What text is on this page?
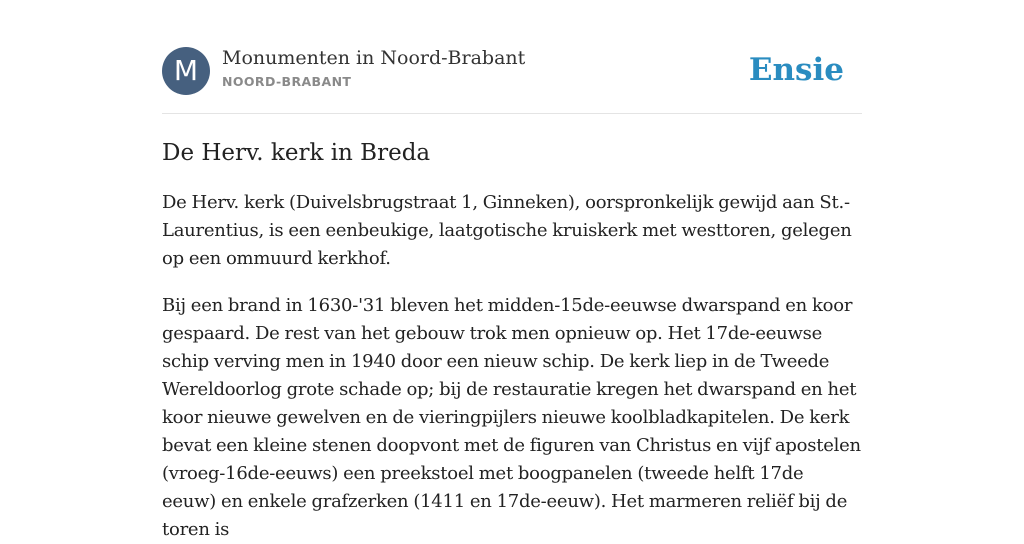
M	Monumenten in Noord-Brabant
NOORD-BRABANT	Ensie
De Herv. kerk in Breda

De Herv. kerk (Duivelsbrugstraat 1, Ginneken), oorspronkelijk gewijd aan St.-Laurentius, is een eenbeukige, laatgotische kruiskerk met westtoren, gelegen op een ommuurd kerkhof.

Bij een brand in 1630-'31 bleven het midden-15de-eeuwse dwarspand en koor gespaard. De rest van het gebouw trok men opnieuw op. Het 17de-eeuwse schip verving men in 1940 door een nieuw schip. De kerk liep in de Tweede Wereldoorlog grote schade op; bij de restauratie kregen het dwarspand en het koor nieuwe gewelven en de vieringpijlers nieuwe koolbladkapitelen. De kerk bevat een kleine stenen doopvont met de figuren van Christus en vijf apostelen (vroeg-16de-eeuws) een preekstoel met boogpanelen (tweede helft 17de eeuw) en enkele grafzerken (1411 en 17de-eeuw). Het marmeren reliëf bij de toren is
